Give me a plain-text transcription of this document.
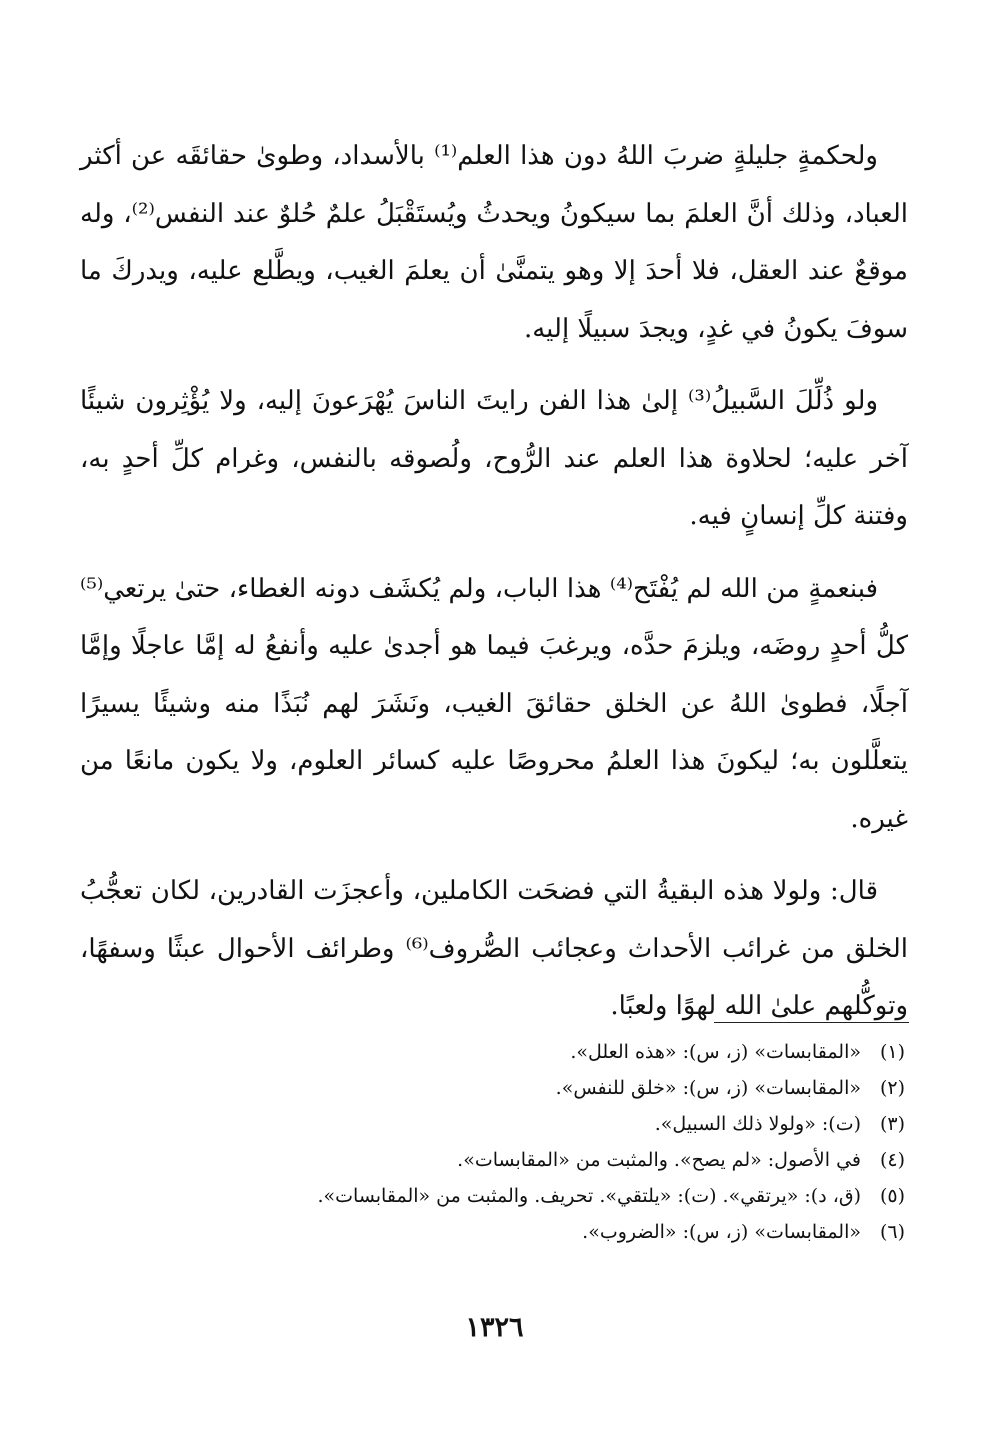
ولحكمةٍ جليلةٍ ضربَ اللهُ دون هذا العلم⁽¹⁾ بالأسداد، وطوىٰ حقائقَه عن أكثر العباد، وذلك أنَّ العلمَ بما سيكونُ ويحدثُ ويُستَقْبَلُ علمٌ حُلوٌ عند النفس⁽²⁾، وله موقعٌ عند العقل، فلا أحدَ إلا وهو يتمنَّىٰ أن يعلمَ الغيب، ويطَّلع عليه، ويدركَ ما سوفَ يكونُ في غدٍ، ويجدَ سبيلًا إليه.

ولو ذُلِّلَ السَّبيلُ⁽³⁾ إلىٰ هذا الفن رايتَ الناسَ يُهْرَعونَ إليه، ولا يُؤْثِرون شيئًا آخر عليه؛ لحلاوة هذا العلم عند الرُّوح، ولُصوقه بالنفس، وغرام كلِّ أحدٍ به، وفتنة كلِّ إنسانٍ فيه.

فبنعمةٍ من الله لم يُفْتَح⁽⁴⁾ هذا الباب، ولم يُكشَف دونه الغطاء، حتىٰ يرتعي⁽⁵⁾ كلُّ أحدٍ روضَه، ويلزمَ حدَّه، ويرغبَ فيما هو أجدىٰ عليه وأنفعُ له إمَّا عاجلًا وإمَّا آجلًا، فطوىٰ اللهُ عن الخلق حقائقَ الغيب، ونَشَرَ لهم نُبَذًا منه وشيئًا يسيرًا يتعلَّلون به؛ ليكونَ هذا العلمُ محروصًا عليه كسائر العلوم، ولا يكون مانعًا من غيره.

قال: ولولا هذه البقيةُ التي فضحَت الكاملين، وأعجزَت القادرين، لكان تعجُّبُ الخلق من غرائب الأحداث وعجائب الصُّروف⁽⁶⁾ وطرائف الأحوال عبثًا وسفهًا، وتوكُّلهم علىٰ الله لهوًا ولعبًا.

(١)«المقابسات» (ز، س): «هذه العلل».
(٢)«المقابسات» (ز، س): «خلق للنفس».
(٣)(ت): «ولولا ذلك السبيل».
(٤)في الأصول: «لم يصح». والمثبت من «المقابسات».
(٥)(ق، د): «يرتقي». (ت): «يلتقي». تحريف. والمثبت من «المقابسات».
(٦)«المقابسات» (ز، س): «الضروب».
١٣٢٦
